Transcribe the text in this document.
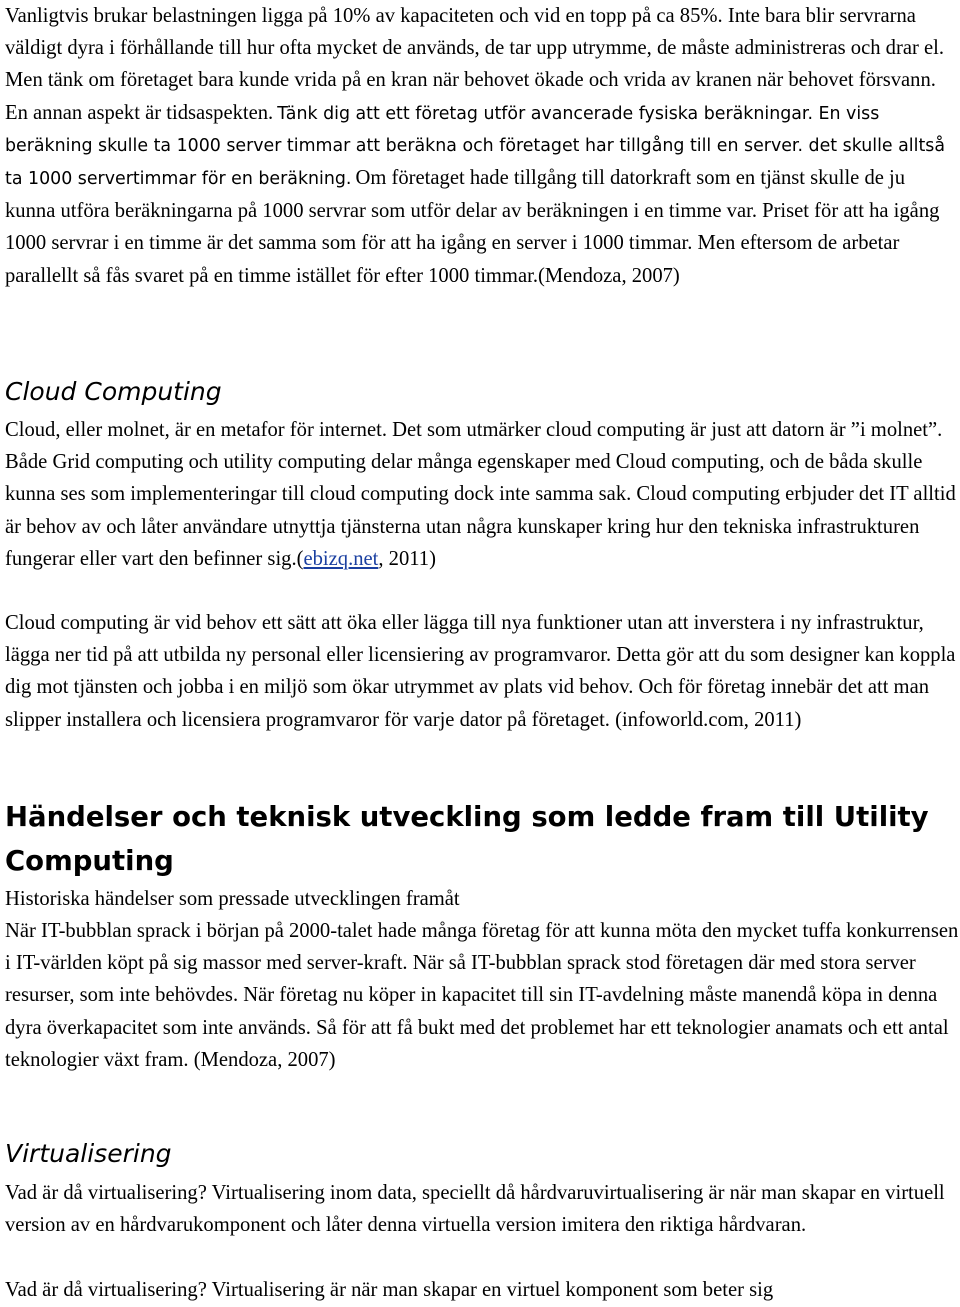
Vanligtvis brukar belastningen ligga på 10% av kapaciteten och vid en topp på ca 85%. Inte bara blir servrarna väldigt dyra i förhållande till hur ofta mycket de används, de tar upp utrymme, de måste administreras och drar el. Men tänk om företaget bara kunde vrida på en kran när behovet ökade och vrida av kranen när behovet försvann. En annan aspekt är tidsaspekten. Tänk dig att ett företag utför avancerade fysiska beräkningar. En viss beräkning skulle ta 1000 server timmar att beräkna och företaget har tillgång till en server. det skulle alltså ta 1000 servertimmar för en beräkning. Om företaget hade tillgång till datorkraft som en tjänst skulle de ju kunna utföra beräkningarna på 1000 servrar som utför delar av beräkningen i en timme var. Priset för att ha igång 1000 servrar i en timme är det samma som för att ha igång en server i 1000 timmar. Men eftersom de arbetar parallellt så fås svaret på en timme istället för efter 1000 timmar.(Mendoza, 2007)

Cloud Computing

Cloud, eller molnet, är en metafor för internet. Det som utmärker cloud computing är just att datorn är ”i molnet”. Både Grid computing och utility computing delar många egenskaper med Cloud computing, och de båda skulle kunna ses som implementeringar till cloud computing dock inte samma sak. Cloud computing erbjuder det IT alltid är behov av och låter användare utnyttja tjänsterna utan några kunskaper kring hur den tekniska infrastrukturen fungerar eller vart den befinner sig.(ebizq.net, 2011)

Cloud computing är vid behov ett sätt att öka eller lägga till nya funktioner utan att inverstera i ny infrastruktur, lägga ner tid på att utbilda ny personal eller licensiering av programvaror. Detta gör att du som designer kan koppla dig mot tjänsten och jobba i en miljö som ökar utrymmet av plats vid behov. Och för företag innebär det att man slipper installera och licensiera programvaror för varje dator på företaget. (infoworld.com, 2011)

Händelser och teknisk utveckling som ledde fram till Utility Computing

Historiska händelser som pressade utvecklingen framåt

När IT-bubblan sprack i början på 2000-talet hade många företag för att kunna möta den mycket tuffa konkurrensen i IT-världen köpt på sig massor med server-kraft. När så IT-bubblan sprack stod företagen där med stora server resurser, som inte behövdes. När företag nu köper in kapacitet till sin IT-avdelning måste manendå köpa in denna dyra överkapacitet som inte används. Så för att få bukt med det problemet har ett teknologier anamats och ett antal teknologier växt fram. (Mendoza, 2007)

Virtualisering

Vad är då virtualisering? Virtualisering inom data, speciellt då hårdvaruvirtualisering är när man skapar en virtuell version av en hårdvarukomponent och låter denna virtuella version imitera den riktiga hårdvaran.

Vad är då virtualisering? Virtualisering är när man skapar en virtuel komponent som beter sig
